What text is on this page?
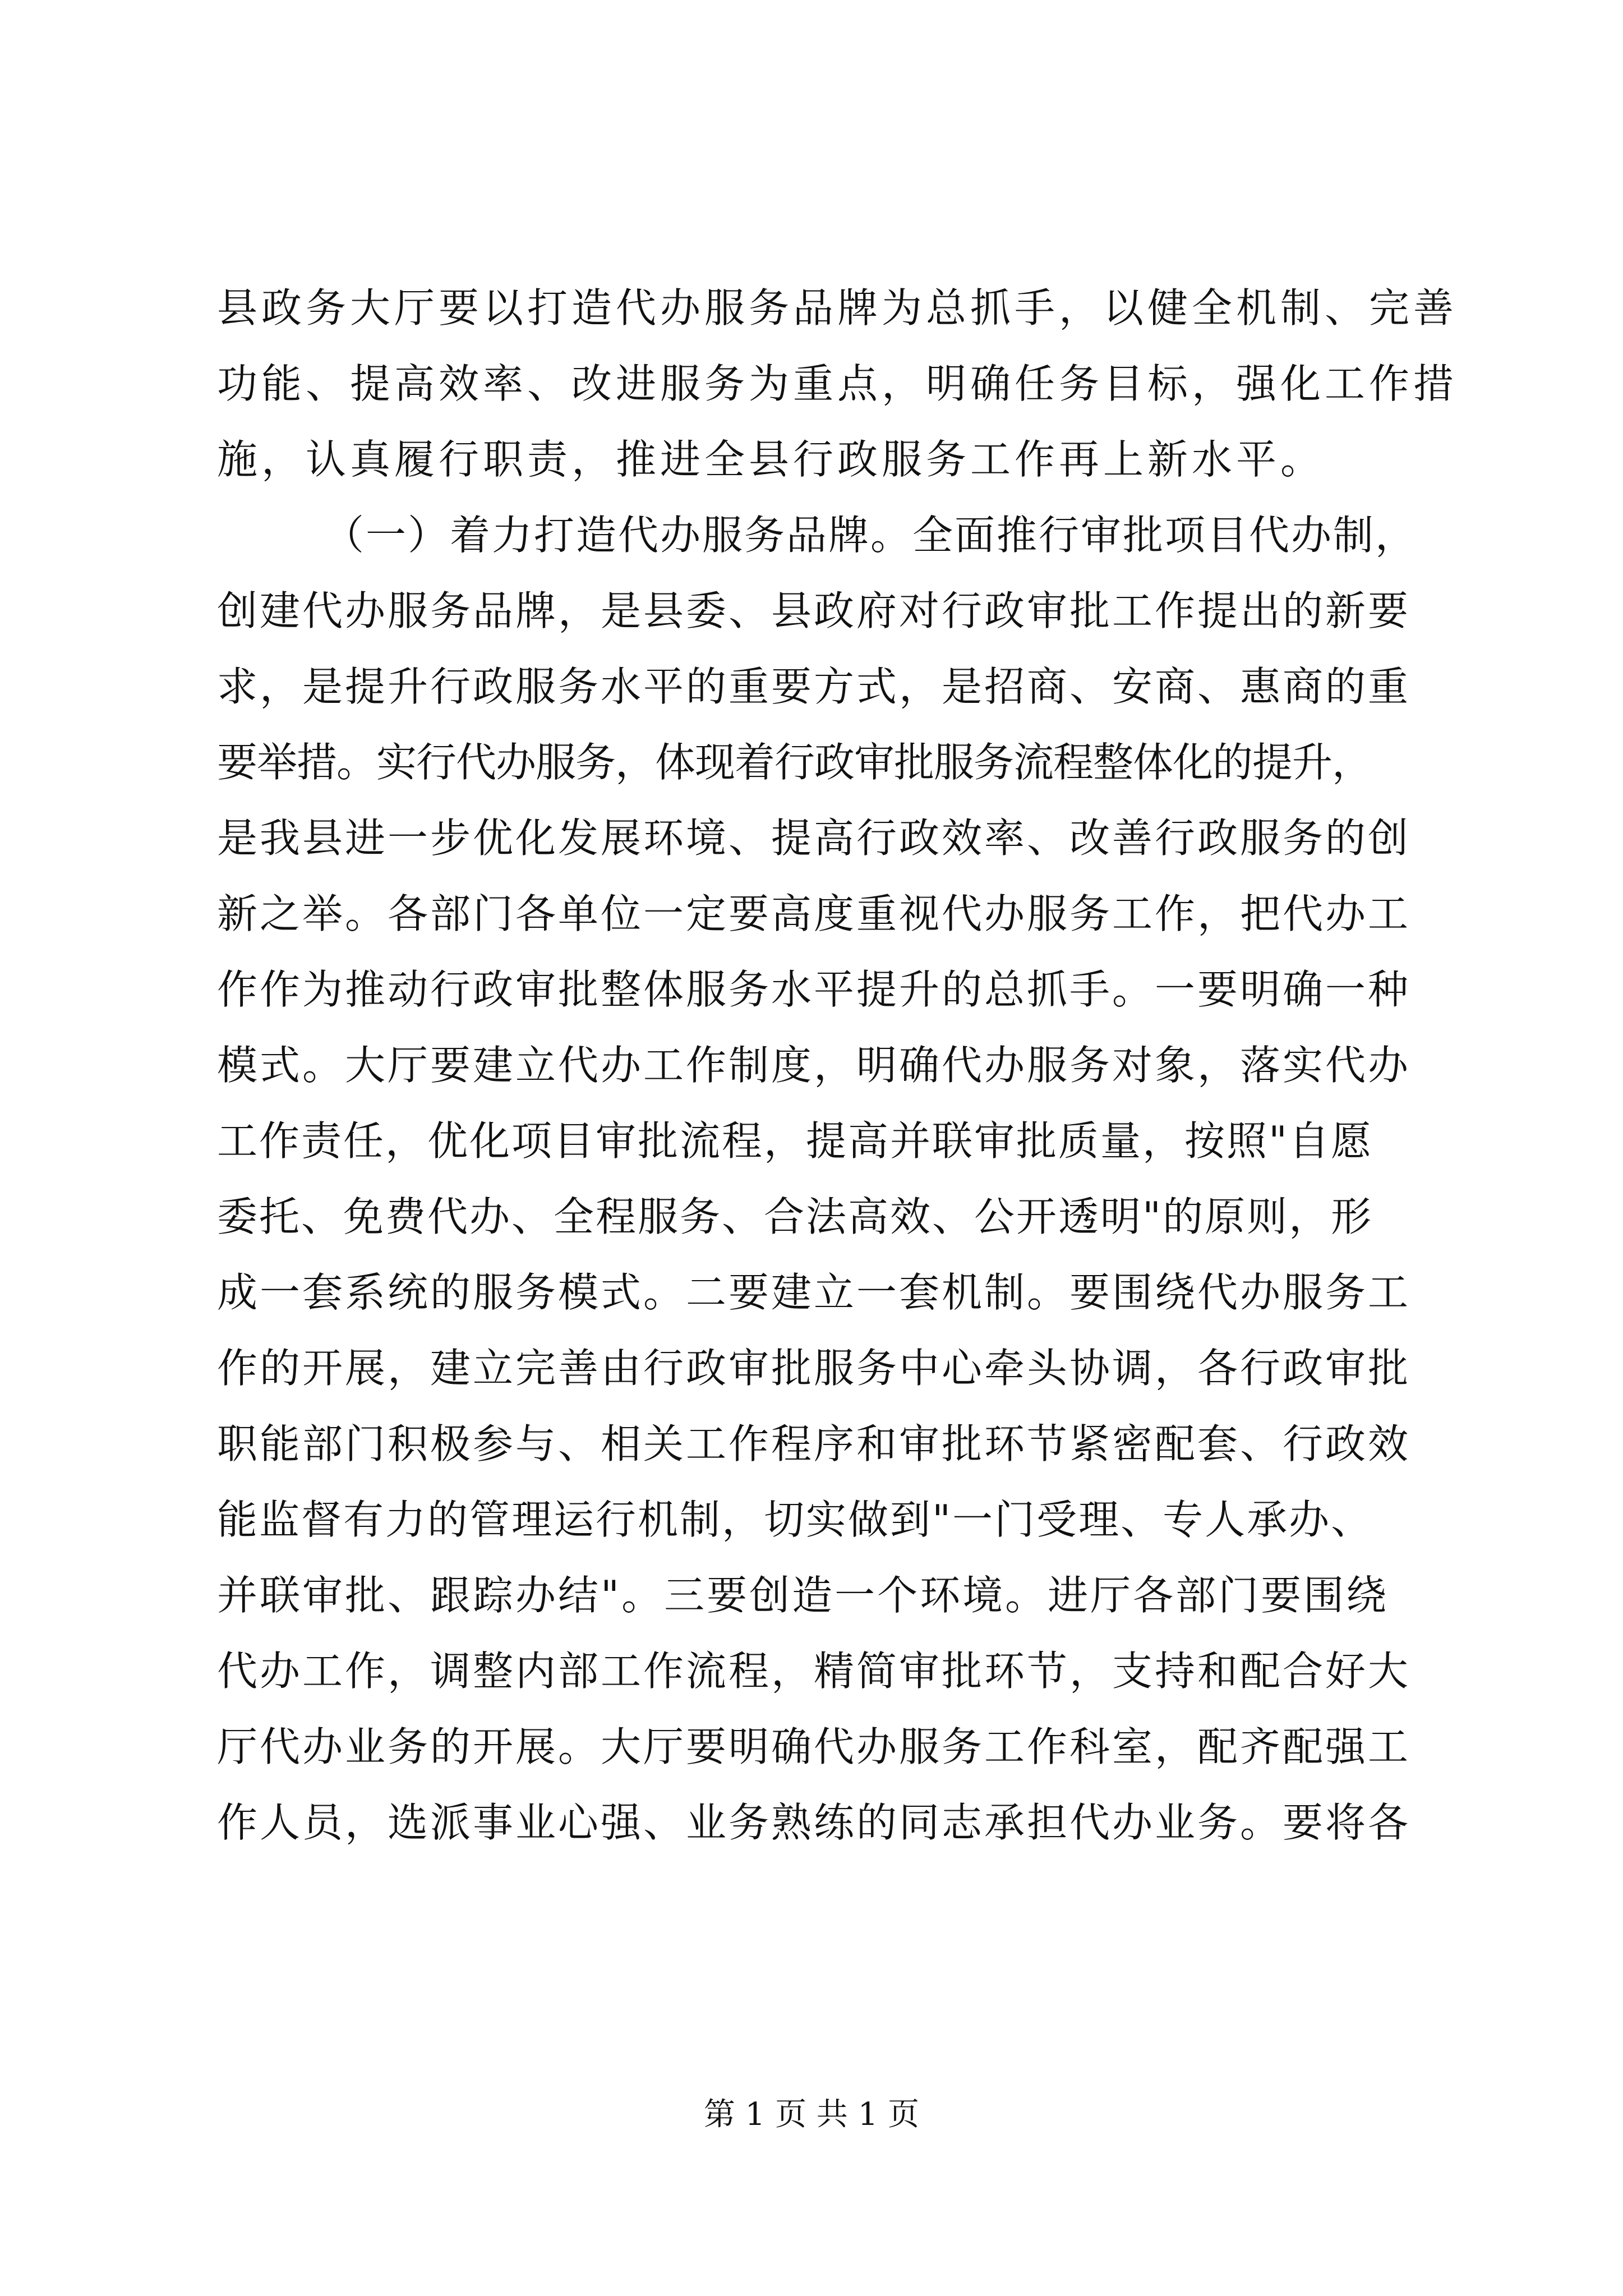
县政务大厅要以打造代办服务品牌为总抓手，以健全机制、完善
功能、提高效率、改进服务为重点，明确任务目标，强化工作措
施，认真履行职责，推进全县行政服务工作再上新水平。
（一）着力打造代办服务品牌。全面推行审批项目代办制，
创建代办服务品牌，是县委、县政府对行政审批工作提出的新要
求，是提升行政服务水平的重要方式，是招商、安商、惠商的重
要举措。实行代办服务，体现着行政审批服务流程整体化的提升，
是我县进一步优化发展环境、提高行政效率、改善行政服务的创
新之举。各部门各单位一定要高度重视代办服务工作，把代办工
作作为推动行政审批整体服务水平提升的总抓手。一要明确一种
模式。大厅要建立代办工作制度，明确代办服务对象，落实代办
工作责任，优化项目审批流程，提高并联审批质量，按照"自愿
委托、免费代办、全程服务、合法高效、公开透明"的原则，形
成一套系统的服务模式。二要建立一套机制。要围绕代办服务工
作的开展，建立完善由行政审批服务中心牵头协调，各行政审批
职能部门积极参与、相关工作程序和审批环节紧密配套、行政效
能监督有力的管理运行机制，切实做到"一门受理、专人承办、
并联审批、跟踪办结"。三要创造一个环境。进厅各部门要围绕
代办工作，调整内部工作流程，精简审批环节，支持和配合好大
厅代办业务的开展。大厅要明确代办服务工作科室，配齐配强工
作人员，选派事业心强、业务熟练的同志承担代办业务。要将各
第 1 页 共 1 页
